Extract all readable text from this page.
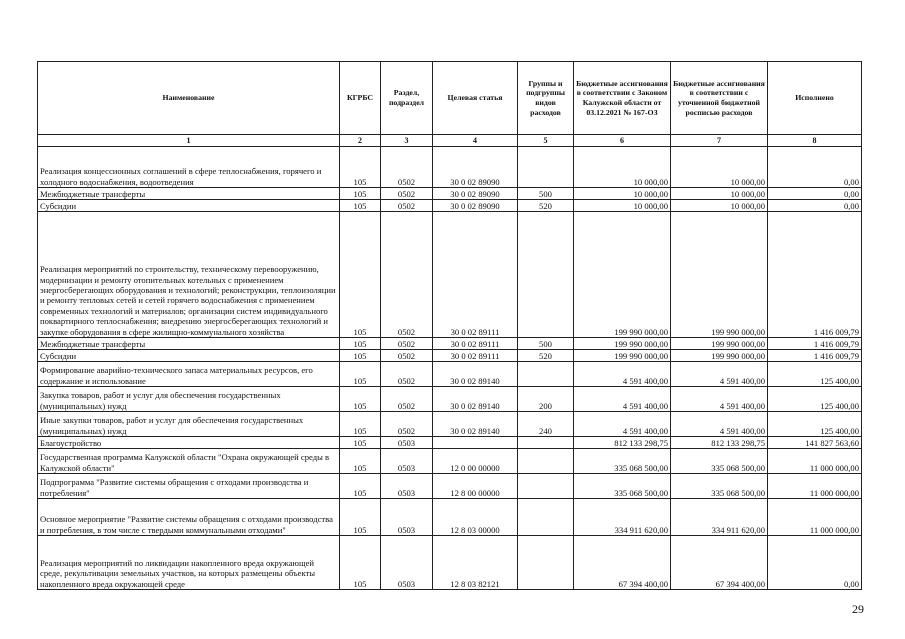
Наименование	КГРБС	Раздел, подраздел	Целевая статья	Группы и подгруппы видов расходов	Бюджетные ассигнования в соответствии с Законом Калужской области от 03.12.2021 № 167-ОЗ	Бюджетные ассигнования в соответствии с уточненной бюджетной росписью расходов	Исполнено
1	2	3	4	5	6	7	8
Реализация концессионных соглашений в сфере теплоснабжения, горячего и холодного водоснабжения, водоотведения	105	0502	30 0 02 89090		10 000,00	10 000,00	0,00
Межбюджетные трансферты	105	0502	30 0 02 89090	500	10 000,00	10 000,00	0,00
Субсидии	105	0502	30 0 02 89090	520	10 000,00	10 000,00	0,00
Реализация мероприятий по строительству, техническому перевооружению, модернизации и ремонту отопительных котельных с применением энергосберегающих оборудования и технологий; реконструкции, теплоизоляции и ремонту тепловых сетей и сетей горячего водоснабжения с применением современных технологий и материалов; организации систем индивидуального поквартирного теплоснабжения; внедрению энергосберегающих технологий и закупке оборудования в сфере жилищно-коммунального хозяйства	105	0502	30 0 02 89111		199 990 000,00	199 990 000,00	1 416 009,79
Межбюджетные трансферты	105	0502	30 0 02 89111	500	199 990 000,00	199 990 000,00	1 416 009,79
Субсидии	105	0502	30 0 02 89111	520	199 990 000,00	199 990 000,00	1 416 009,79
Формирование аварийно-технического запаса материальных ресурсов, его содержание и использование	105	0502	30 0 02 89140		4 591 400,00	4 591 400,00	125 400,00
Закупка товаров, работ и услуг для обеспечения государственных (муниципальных) нужд	105	0502	30 0 02 89140	200	4 591 400,00	4 591 400,00	125 400,00
Иные закупки товаров, работ и услуг для обеспечения государственных (муниципальных) нужд	105	0502	30 0 02 89140	240	4 591 400,00	4 591 400,00	125 400,00
Благоустройство	105	0503			812 133 298,75	812 133 298,75	141 827 563,60
Государственная программа Калужской области "Охрана окружающей среды в Калужской области"	105	0503	12 0 00 00000		335 068 500,00	335 068 500,00	11 000 000,00
Подпрограмма "Развитие системы обращения с отходами производства и потребления"	105	0503	12 8 00 00000		335 068 500,00	335 068 500,00	11 000 000,00
Основное мероприятие "Развитие системы обращения с отходами производства и потребления, в том числе с твердыми коммунальными отходами"	105	0503	12 8 03 00000		334 911 620,00	334 911 620,00	11 000 000,00
Реализация мероприятий по ликвидации накопленного вреда окружающей среде, рекультивации земельных участков, на которых размещены объекты накопленного вреда окружающей среде	105	0503	12 8 03 82121		67 394 400,00	67 394 400,00	0,00
29
